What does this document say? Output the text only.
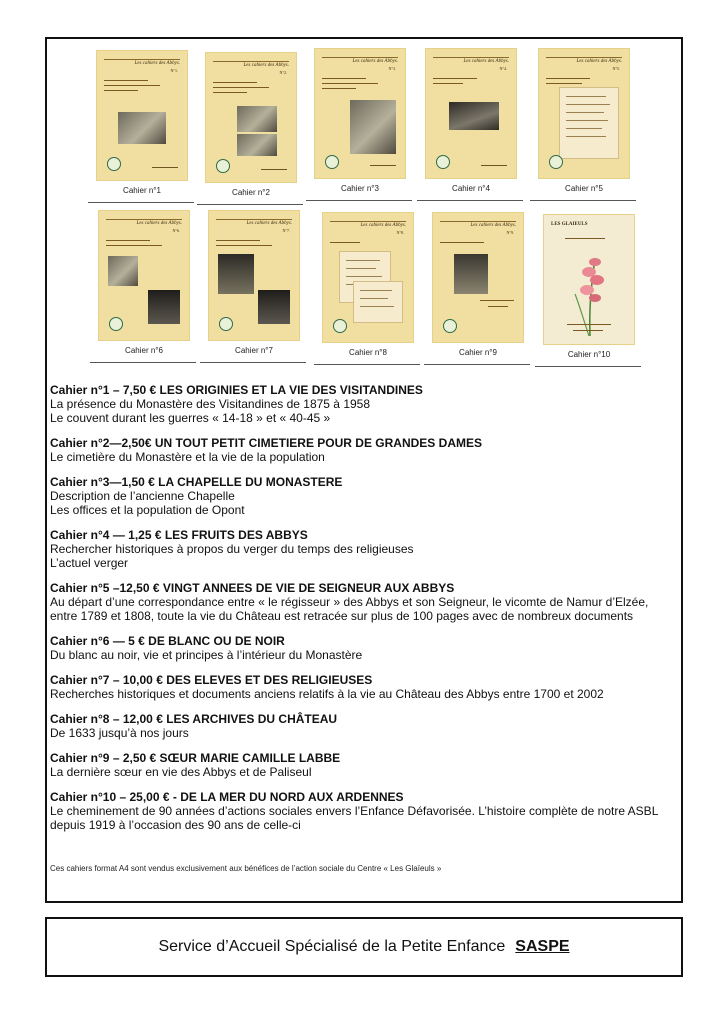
Les cahiers des Abbys.
N°1.
Cahier n°1
Les cahiers des Abbys.
N°2.
Cahier n°2
Les cahiers des Abbys.
N°3.
Cahier n°3
Les cahiers des Abbys.
N°4.
Cahier n°4
Les cahiers des Abbys.
N°5.
Cahier n°5
Les cahiers des Abbys.
N°6.
Cahier n°6
Les cahiers des Abbys.
N°7.
Cahier n°7
Les cahiers des Abbys.
N°8.
Cahier n°8
Les cahiers des Abbys.
N°9.
Cahier n°9
LES GLAIEULS
Cahier n°10
Cahier n°1 – 7,50 € LES ORIGINIES ET LA VIE DES VISITANDINES
La présence du Monastère des Visitandines de 1875 à 1958
Le couvent durant les guerres « 14-18 » et « 40-45 »
Cahier n°2—2,50€ UN TOUT PETIT CIMETIERE POUR DE GRANDES DAMES
Le cimetière du Monastère et la vie de la population
Cahier n°3—1,50 € LA CHAPELLE DU MONASTERE
Description de l’ancienne Chapelle
Les offices et la population de Opont
Cahier n°4 — 1,25 € LES FRUITS DES ABBYS
Rechercher historiques à propos du verger du temps des religieuses
L’actuel verger
Cahier n°5 –12,50 € VINGT ANNEES DE VIE DE SEIGNEUR AUX ABBYS
Au départ d’une correspondance entre « le régisseur » des Abbys et son Seigneur, le vicomte de Namur d’Elzée,
entre 1789 et 1808, toute la vie du Château est retracée sur plus de 100 pages avec de nombreux documents
Cahier n°6 — 5 € DE BLANC OU DE NOIR
Du blanc au noir, vie et principes à l’intérieur du Monastère
Cahier n°7 – 10,00 € DES ELEVES ET DES RELIGIEUSES
Recherches historiques et documents anciens relatifs à la vie au Château des Abbys entre 1700 et 2002
Cahier n°8 – 12,00 € LES ARCHIVES DU CHÂTEAU
De 1633 jusqu’à nos jours
Cahier n°9 – 2,50 € SŒUR MARIE CAMILLE LABBE
La dernière sœur en vie des Abbys et de Paliseul
Cahier n°10 – 25,00 € - DE LA MER DU NORD AUX ARDENNES
Le cheminement de 90 années d’actions sociales envers l’Enfance Défavorisée. L’histoire complète de notre ASBL
depuis 1919 à l’occasion des 90 ans de celle-ci
Ces cahiers format A4 sont vendus exclusivement aux bénéfices de l’action sociale du Centre « Les Glaïeuls »
Service d’Accueil Spécialisé de la Petite Enfance SASPE
